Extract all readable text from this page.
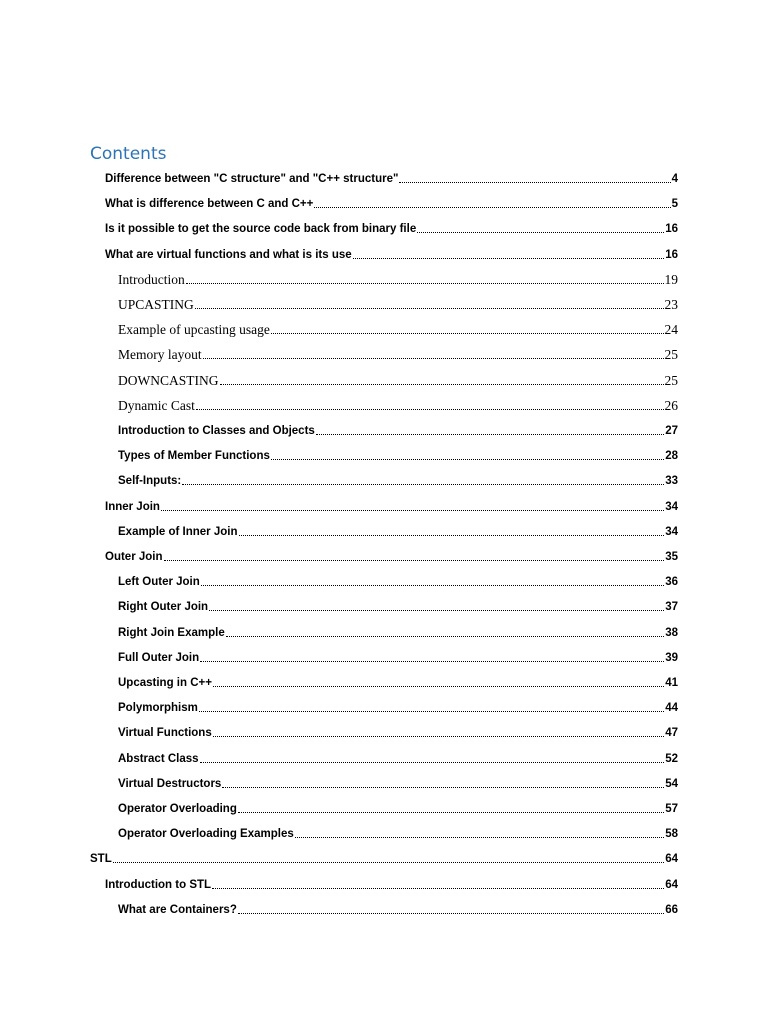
Contents
Difference between "C structure" and "C++ structure"	4
What is difference between C and C++	5
Is it possible to get the source code back from binary file	16
What are virtual functions and what is its use	16
Introduction	19
UPCASTING	23
Example of upcasting usage	24
Memory layout	25
DOWNCASTING	25
Dynamic Cast	26
Introduction to Classes and Objects	27
Types of Member Functions	28
Self-Inputs:	33
Inner Join	34
Example of Inner Join	34
Outer Join	35
Left Outer Join	36
Right Outer Join	37
Right Join Example	38
Full Outer Join	39
Upcasting in C++	41
Polymorphism	44
Virtual Functions	47
Abstract Class	52
Virtual Destructors	54
Operator Overloading	57
Operator Overloading Examples	58
STL	64
Introduction to STL	64
What are Containers?	66
